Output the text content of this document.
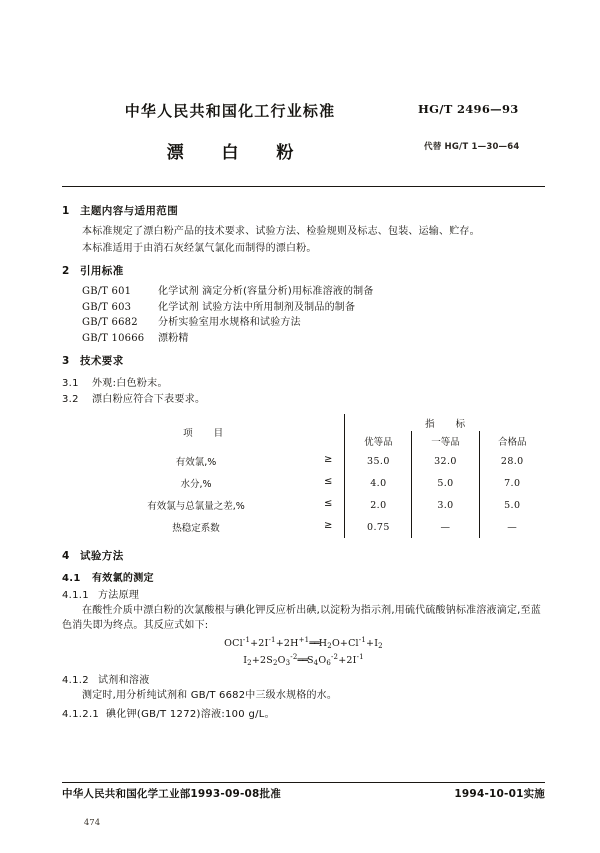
中华人民共和国化工行业标准	HG/T 2496—93
漂 白 粉	代替 HG/T 1—30—64
1 主题内容与适用范围

本标准规定了漂白粉产品的技术要求、试验方法、检验规则及标志、包装、运输、贮存。

本标准适用于由消石灰经氯气氯化而制得的漂白粉。

2 引用标准

GB/T 601	化学试剂 滴定分析(容量分析)用标准溶液的制备

GB/T 603	化学试剂 试验方法中所用制剂及制品的制备

GB/T 6682 分析实验室用水规格和试验方法

GB/T 10666 漂粉精

3 技术要求
3.1 外观:白色粉末。
3.2 漂白粉应符合下表要求。
项 目	指 标		
	优等品	一等品	合格品
有效氯,% ≥	35.0	32.0	28.0
水分,% ≤	4.0	5.0	7.0
有效氯与总氯量之差,% ≤	2.0	3.0	5.0
热稳定系数 ≥	0.75	—	—
4 试验方法
4.1 有效氯的测定
4.1.1 方法原理

在酸性介质中漂白粉的次氯酸根与碘化钾反应析出碘,以淀粉为指示剂,用硫代硫酸钠标准溶液滴定,至蓝色消失即为终点。其反应式如下:

$OCl^{-1}+2I^{-1}+2H^{+1}══H_2O+Cl^{-1}+I_2$
$I_2+2S_2O_3^{-2}══S_4O_6^{-2}+2I^{-1}$
4.1.2 试剂和溶液

测定时,用分析纯试剂和 GB/T 6682中三级水规格的水。

4.1.2.1 碘化钾(GB/T 1272)溶液:100 g/L。
中华人民共和国化学工业部1993-09-08批准	1994-10-01实施
474
